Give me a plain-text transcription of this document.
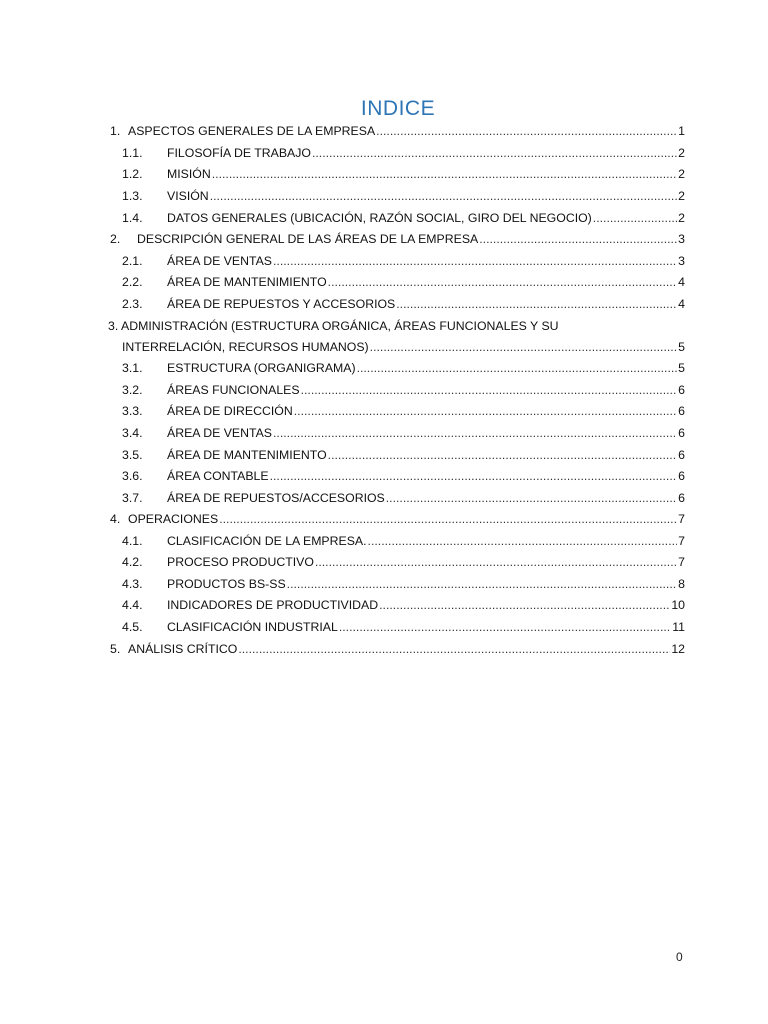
INDICE
1. ASPECTOS GENERALES DE LA EMPRESA .....	1
1.1.	FILOSOFÍA DE TRABAJO .....	2
1.2.	MISIÓN .....	2
1.3.	VISIÓN .....	2
1.4.	DATOS GENERALES (UBICACIÓN, RAZÓN SOCIAL, GIRO DEL NEGOCIO) .....	2
2.	DESCRIPCIÓN GENERAL DE LAS ÁREAS DE LA EMPRESA .....	3
2.1.	ÁREA DE VENTAS .....	3
2.2.	ÁREA DE MANTENIMIENTO .....	4
2.3.	ÁREA DE REPUESTOS Y ACCESORIOS .....	4
3. ADMINISTRACIÓN (ESTRUCTURA ORGÁNICA, ÁREAS FUNCIONALES Y SU
INTERRELACIÓN, RECURSOS HUMANOS) .....	5
3.1.	ESTRUCTURA (ORGANIGRAMA) .....	5
3.2.	ÁREAS FUNCIONALES .....	6
3.3.	ÁREA DE DIRECCIÓN .....	6
3.4.	ÁREA DE VENTAS .....	6
3.5.	ÁREA DE MANTENIMIENTO .....	6
3.6.	ÁREA CONTABLE .....	6
3.7.	ÁREA DE REPUESTOS/ACCESORIOS .....	6
4. OPERACIONES .....	7
4.1.	CLASIFICACIÓN DE LA EMPRESA. .....	7
4.2.	PROCESO PRODUCTIVO .....	7
4.3.	PRODUCTOS BS-SS .....	8
4.4.	INDICADORES DE PRODUCTIVIDAD .....	10
4.5.	CLASIFICACIÓN INDUSTRIAL .....	11
5. ANÁLISIS CRÍTICO .....	12
0
